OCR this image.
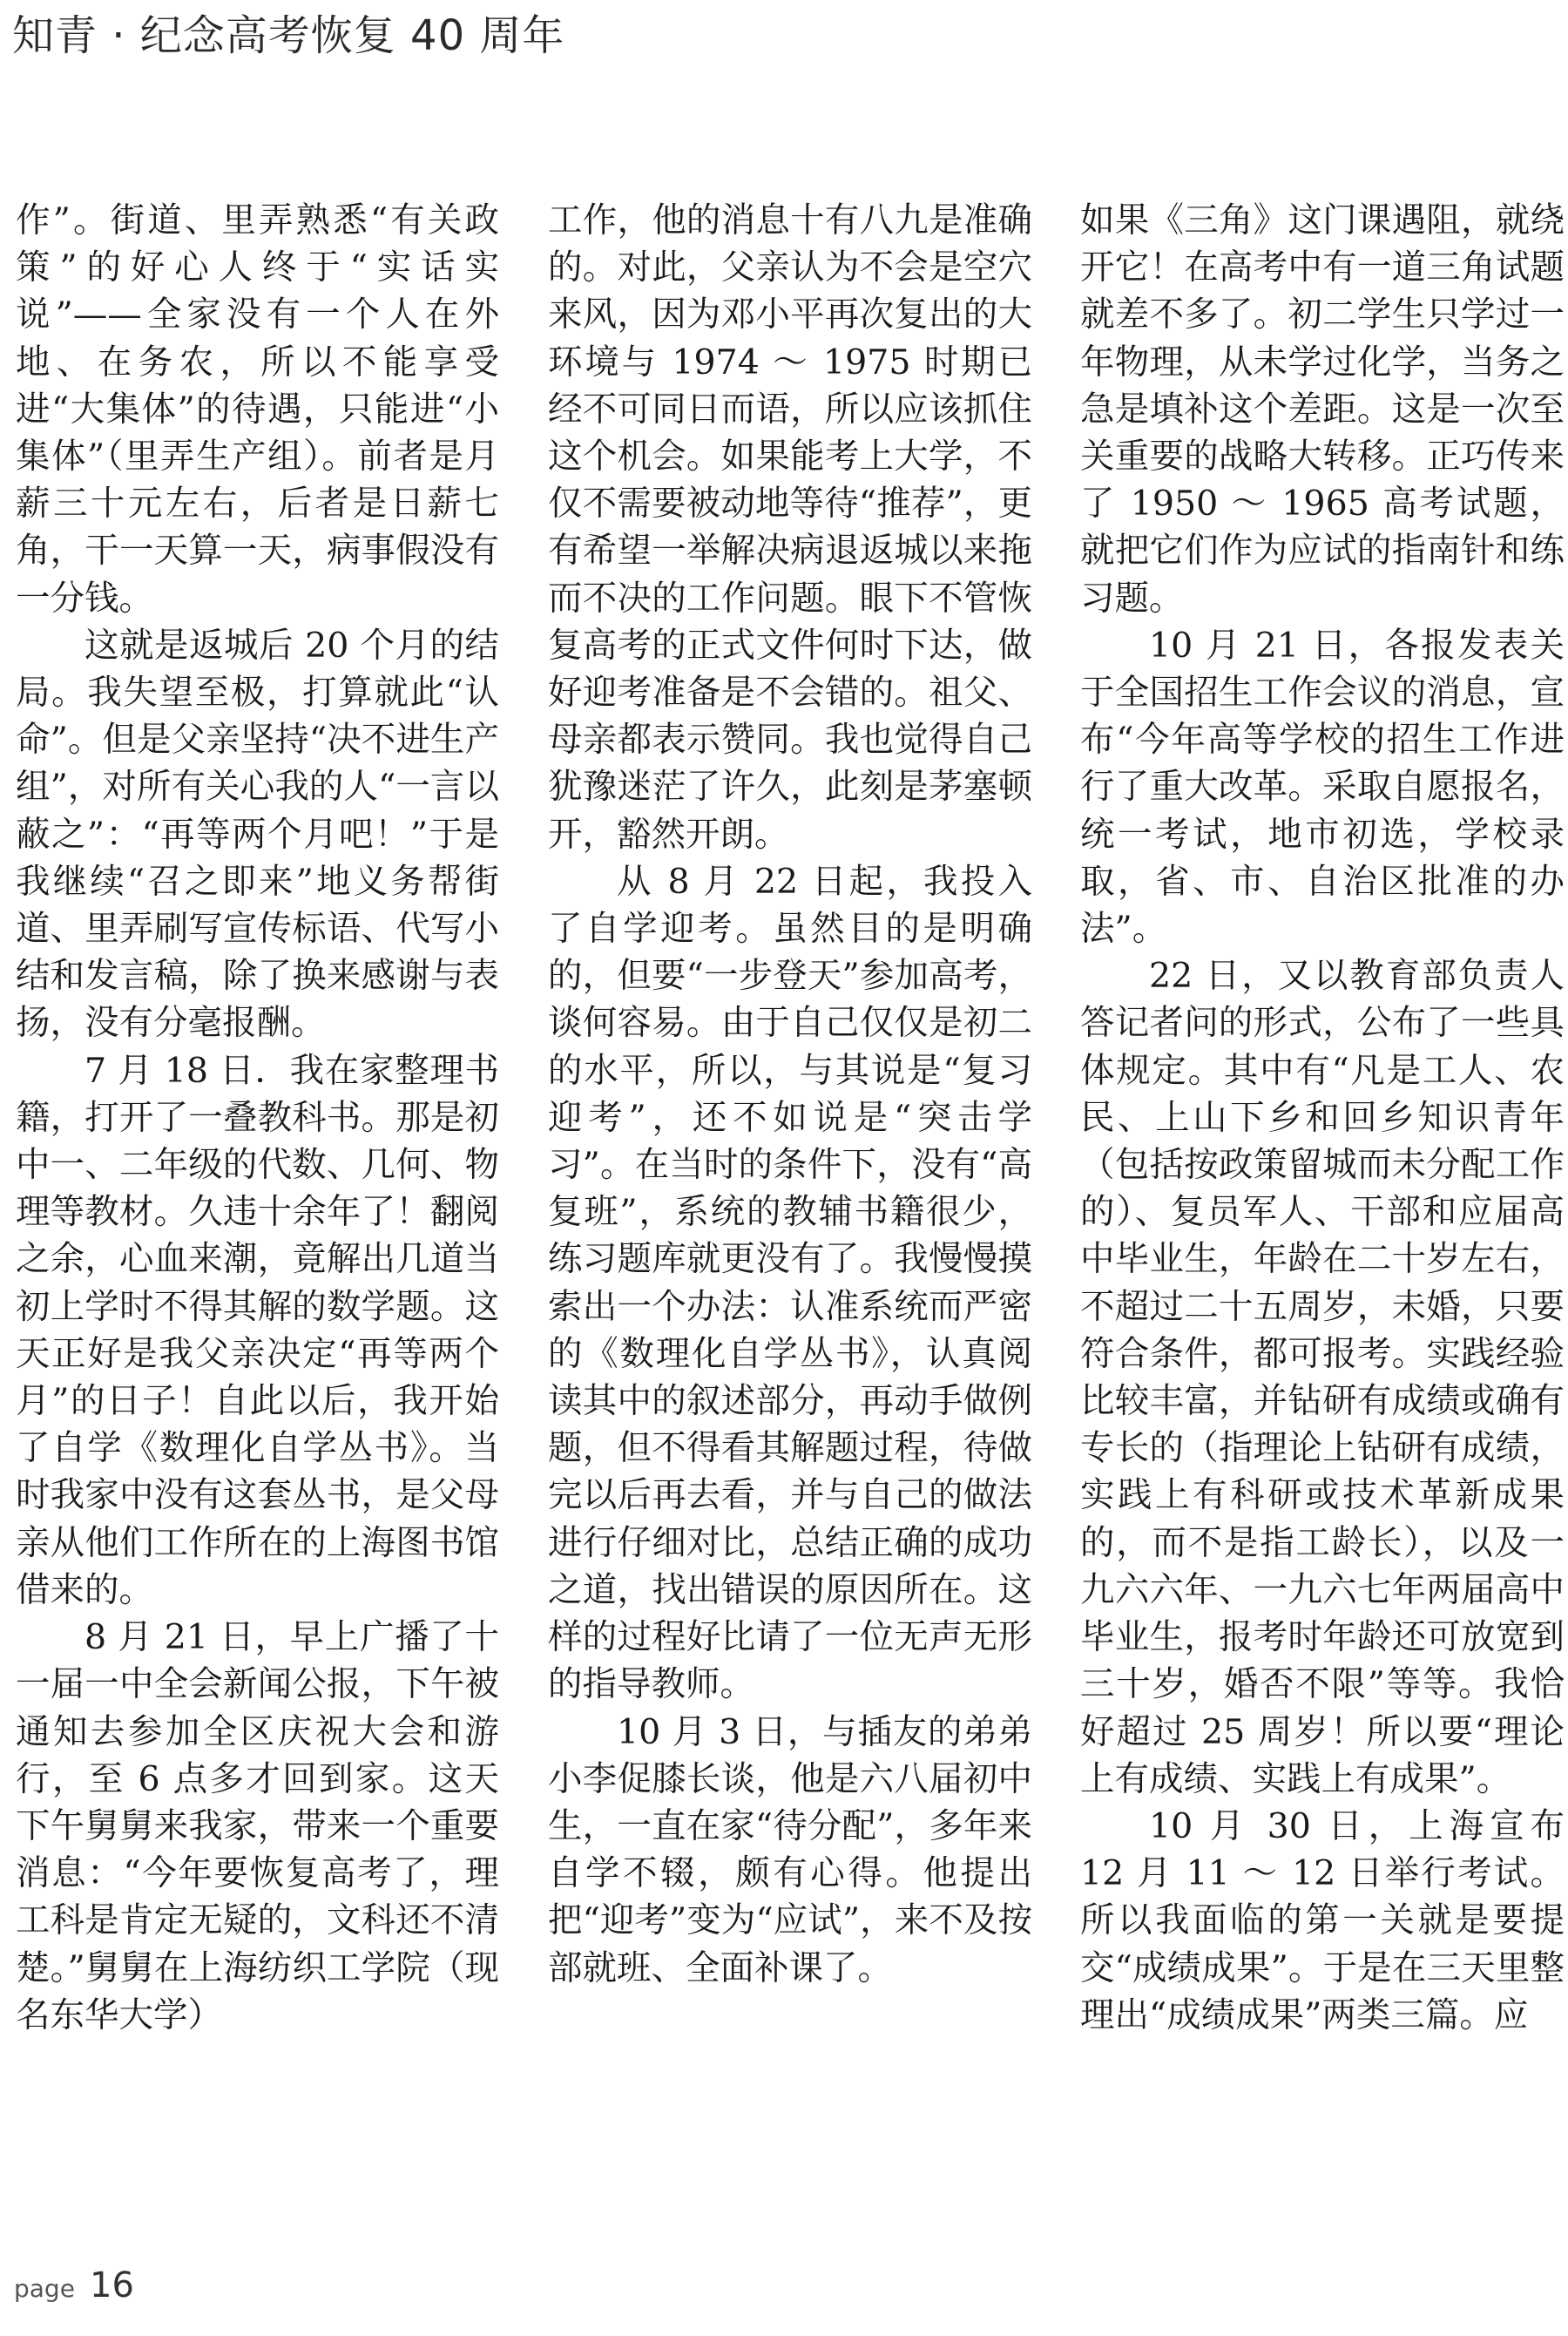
知青 · 纪念高考恢复 40 周年

作”。街道、里弄熟悉“有关政策”的好心人终于“实话实说”——全家没有一个人在外地、在务农，所以不能享受进“大集体”的待遇，只能进“小集体”（里弄生产组）。前者是月薪三十元左右，后者是日薪七角，干一天算一天，病事假没有一分钱。

这就是返城后 20 个月的结局。我失望至极，打算就此“认命”。但是父亲坚持“决不进生产组”，对所有关心我的人“一言以蔽之”：“再等两个月吧！”于是我继续“召之即来”地义务帮街道、里弄刷写宣传标语、代写小结和发言稿，除了换来感谢与表扬，没有分毫报酬。

7 月 18 日．我在家整理书籍，打开了一叠教科书。那是初中一、二年级的代数、几何、物理等教材。久违十余年了！翻阅之余，心血来潮，竟解出几道当初上学时不得其解的数学题。这天正好是我父亲决定“再等两个月”的日子！自此以后，我开始了自学《数理化自学丛书》。当时我家中没有这套丛书，是父母亲从他们工作所在的上海图书馆借来的。

8 月 21 日，早上广播了十一届一中全会新闻公报，下午被通知去参加全区庆祝大会和游行，至 6 点多才回到家。这天下午舅舅来我家，带来一个重要消息：“今年要恢复高考了，理工科是肯定无疑的，文科还不清楚。”舅舅在上海纺织工学院（现名东华大学）

工作，他的消息十有八九是准确的。对此，父亲认为不会是空穴来风，因为邓小平再次复出的大环境与 1974 ～ 1975 时期已经不可同日而语，所以应该抓住这个机会。如果能考上大学，不仅不需要被动地等待“推荐”，更有希望一举解决病退返城以来拖而不决的工作问题。眼下不管恢复高考的正式文件何时下达，做好迎考准备是不会错的。祖父、母亲都表示赞同。我也觉得自己犹豫迷茫了许久，此刻是茅塞顿开，豁然开朗。

从 8 月 22 日起，我投入了自学迎考。虽然目的是明确的，但要“一步登天”参加高考，谈何容易。由于自己仅仅是初二的水平，所以，与其说是“复习迎考”，还不如说是“突击学习”。在当时的条件下，没有“高复班”，系统的教辅书籍很少，练习题库就更没有了。我慢慢摸索出一个办法：认准系统而严密的《数理化自学丛书》，认真阅读其中的叙述部分，再动手做例题，但不得看其解题过程，待做完以后再去看，并与自己的做法进行仔细对比，总结正确的成功之道，找出错误的原因所在。这样的过程好比请了一位无声无形的指导教师。

10 月 3 日，与插友的弟弟小李促膝长谈，他是六八届初中生，一直在家“待分配”，多年来自学不辍，颇有心得。他提出把“迎考”变为“应试”，来不及按部就班、全面补课了。

如果《三角》这门课遇阻，就绕开它！在高考中有一道三角试题就差不多了。初二学生只学过一年物理，从未学过化学，当务之急是填补这个差距。这是一次至关重要的战略大转移。正巧传来了 1950 ～ 1965 高考试题，就把它们作为应试的指南针和练习题。

10 月 21 日，各报发表关于全国招生工作会议的消息，宣布“今年高等学校的招生工作进行了重大改革。采取自愿报名，统一考试，地市初选，学校录取，省、市、自治区批准的办法”。

22 日，又以教育部负责人答记者问的形式，公布了一些具体规定。其中有“凡是工人、农民、上山下乡和回乡知识青年（包括按政策留城而未分配工作的）、复员军人、干部和应届高中毕业生，年龄在二十岁左右，不超过二十五周岁，未婚，只要符合条件，都可报考。实践经验比较丰富，并钻研有成绩或确有专长的（指理论上钻研有成绩，实践上有科研或技术革新成果的，而不是指工龄长），以及一九六六年、一九六七年两届高中毕业生，报考时年龄还可放宽到三十岁，婚否不限”等等。我恰好超过 25 周岁！所以要“理论上有成绩、实践上有成果”。

10 月 30 日，上海宣布 12 月 11 ～ 12 日举行考试。所以我面临的第一关就是要提交“成绩成果”。于是在三天里整理出“成绩成果”两类三篇。应

page 16
